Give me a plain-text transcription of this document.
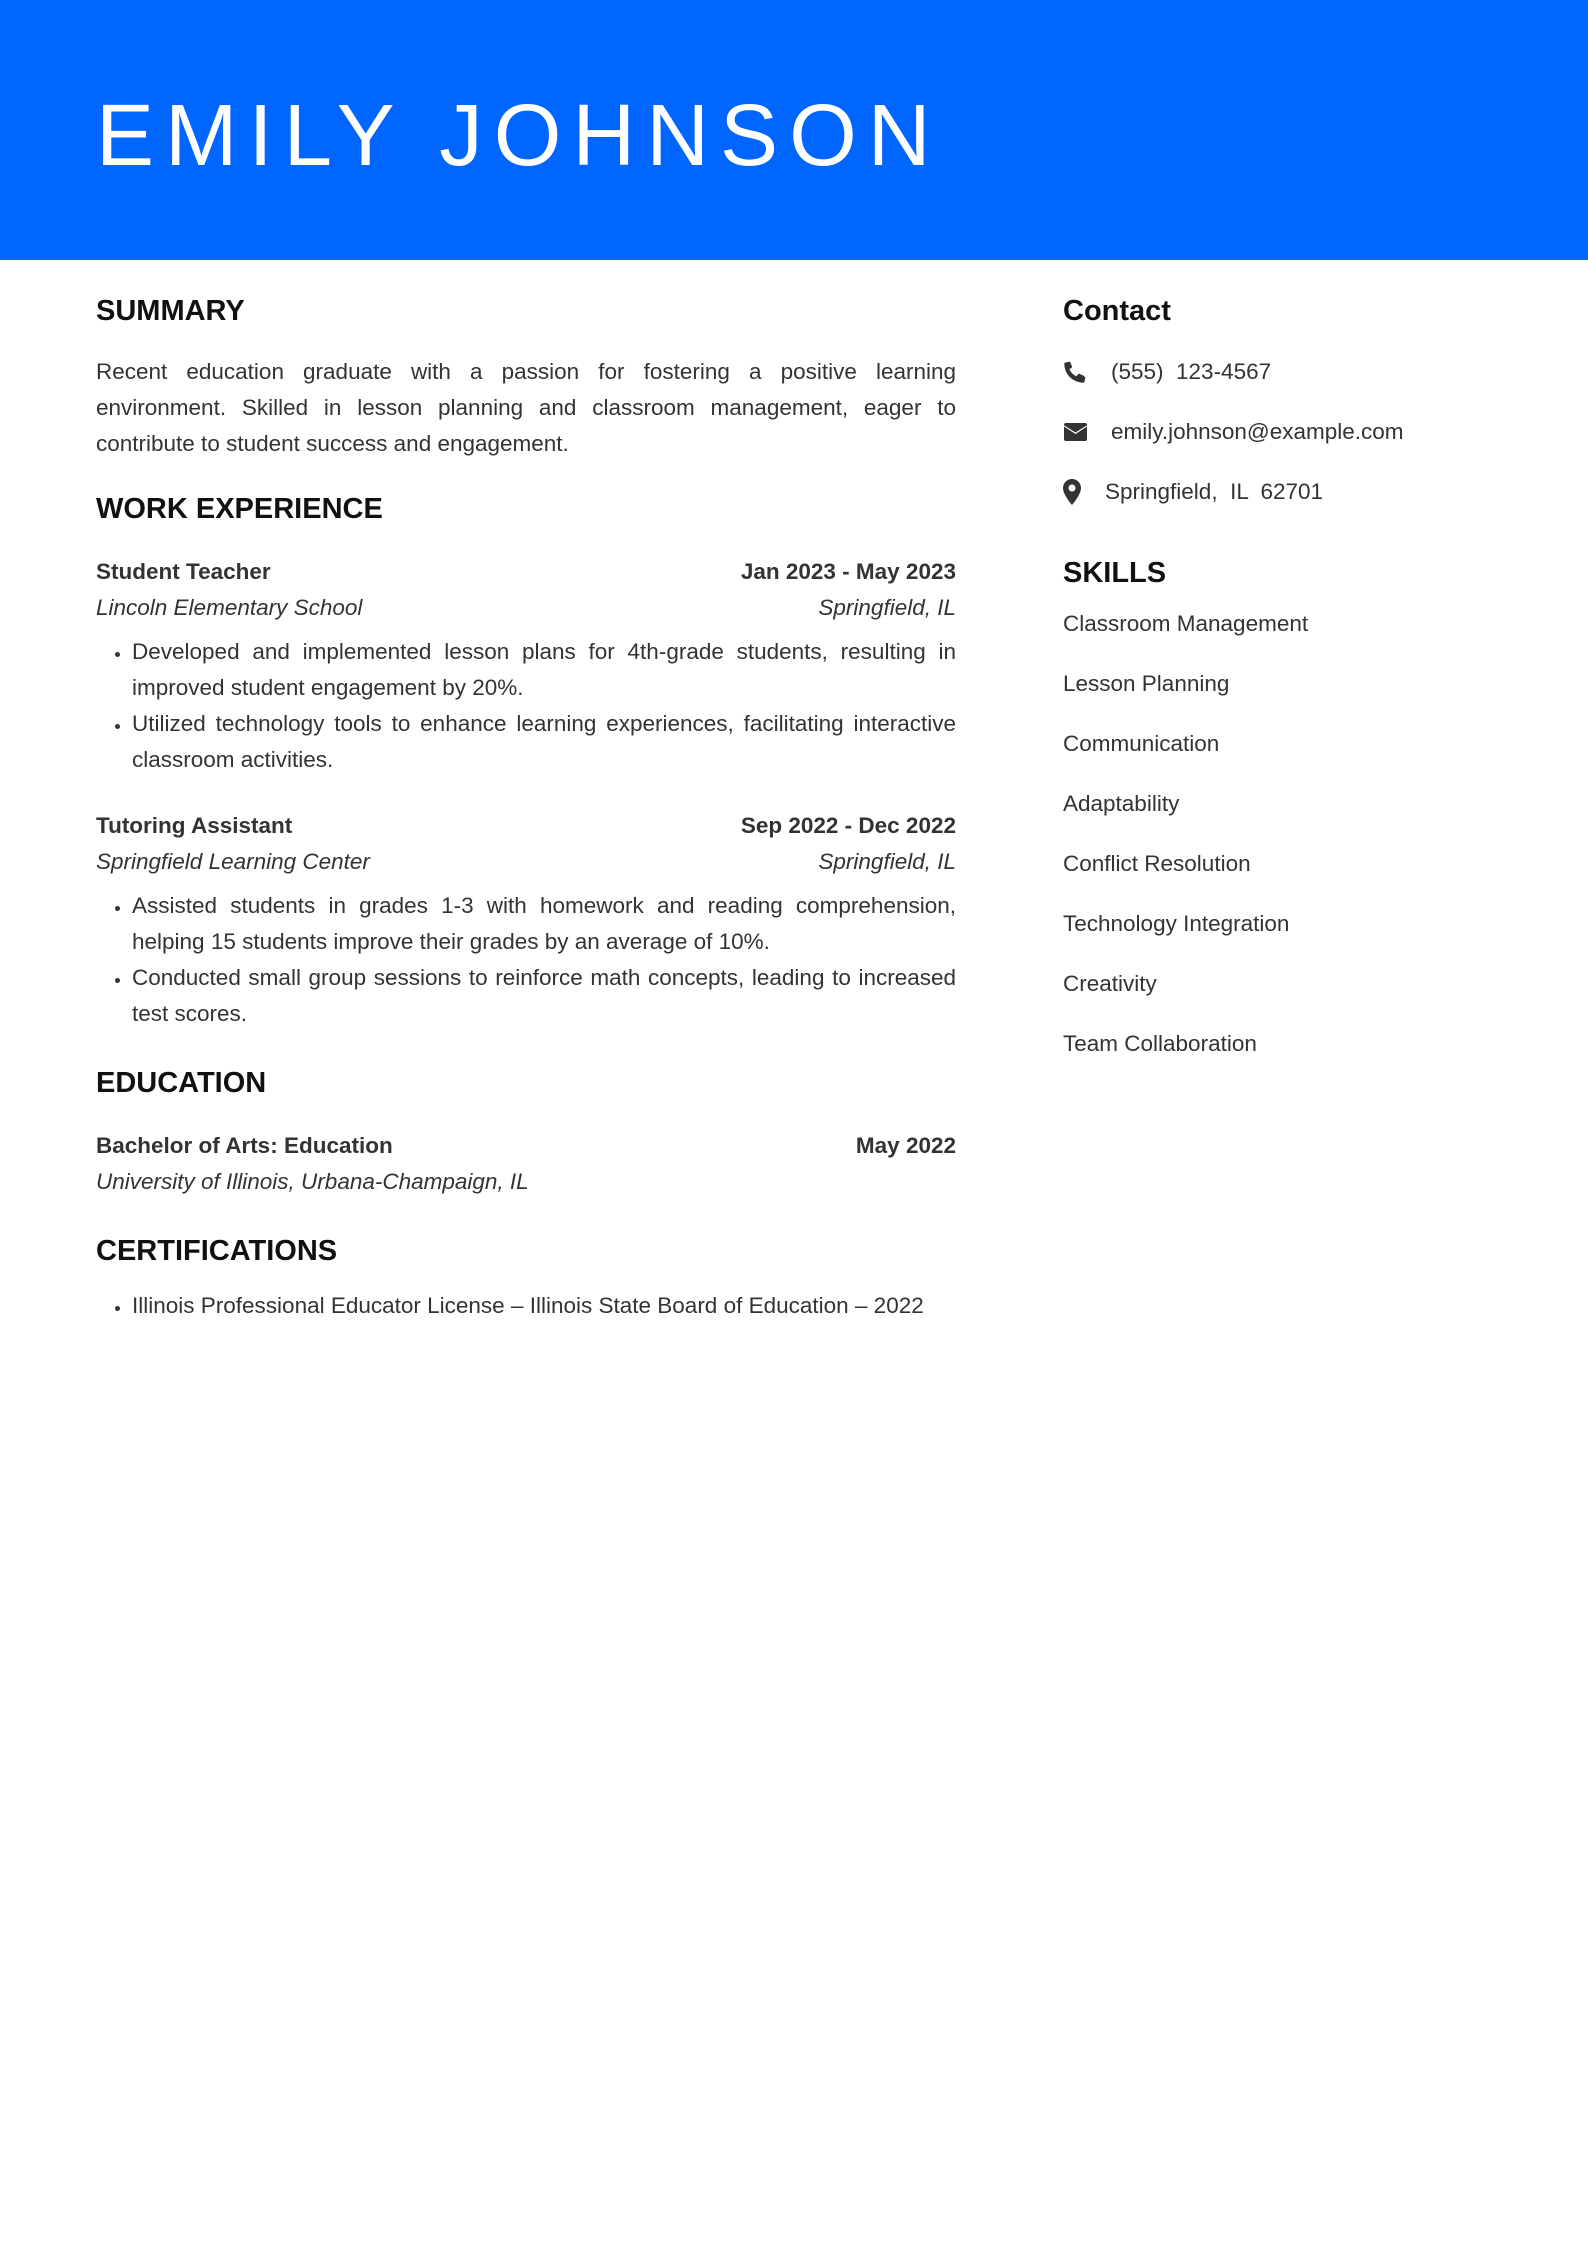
EMILY JOHNSON
SUMMARY

Recent education graduate with a passion for fostering a positive learning environment. Skilled in lesson planning and classroom management, eager to contribute to student success and engagement.

WORK EXPERIENCE
Student Teacher	Jan 2023 - May 2023
Lincoln Elementary School	Springfield, IL
• Developed and implemented lesson plans for 4th-grade students, resulting in improved student engagement by 20%.
• Utilized technology tools to enhance learning experiences, facilitating interactive classroom activities.
Tutoring Assistant	Sep 2022 - Dec 2022
Springfield Learning Center	Springfield, IL
• Assisted students in grades 1-3 with homework and reading comprehension, helping 15 students improve their grades by an average of 10%.
• Conducted small group sessions to reinforce math concepts, leading to increased test scores.
EDUCATION
Bachelor of Arts: Education	May 2022
University of Illinois, Urbana-Champaign, IL
CERTIFICATIONS
• Illinois Professional Educator License – Illinois State Board of Education – 2022
Contact
(555)  123-4567
emily.johnson@example.com
Springfield,  IL  62701
SKILLS
Classroom Management
Lesson Planning
Communication
Adaptability
Conflict Resolution
Technology Integration
Creativity
Team Collaboration
